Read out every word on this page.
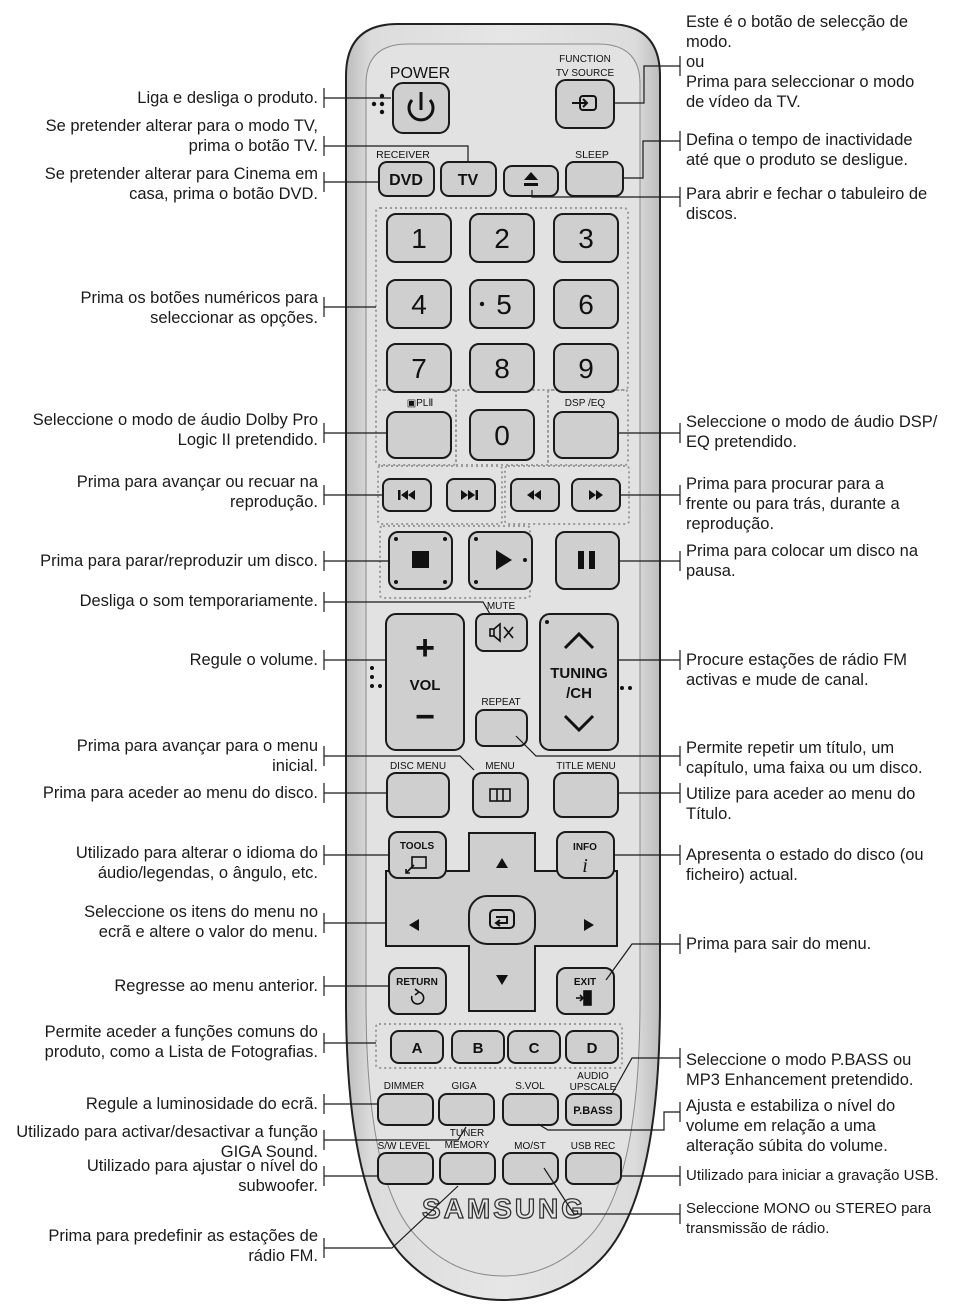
POWER
FUNCTION
TV SOURCE
RECEIVER
DVD TV
SLEEP
1 2 3
4 5 6
7 8 9
0
▣PLⅡ	DSP /EQ
MUTE
+
VOL
−
TUNING
/CH
REPEAT
DISC MENU	MENU	TITLE MENU
TOOLS	INFO
i
RETURN	EXIT
A	B	C	D
DIMMER	GIGA	S.VOL
AUDIO
UPSCALE
P.BASS
S/W LEVEL
TUNER
MEMORY MO/ST USB REC
SAMSUNG
Liga e desliga o produto.
Se pretender alterar para o modo TV,
prima o botão TV.
Se pretender alterar para Cinema em
casa, prima o botão DVD.
Prima os botões numéricos para
seleccionar as opções.
Seleccione o modo de áudio Dolby Pro
Logic II pretendido.
Prima para avançar ou recuar na
reprodução.
Prima para parar/reproduzir um disco.
Desliga o som temporariamente.
Regule o volume.
Prima para avançar para o menu
inicial.
Prima para aceder ao menu do disco.
Utilizado para alterar o idioma do
áudio/legendas, o ângulo, etc.
Seleccione os itens do menu no
ecrã e altere o valor do menu.
Regresse ao menu anterior.
Permite aceder a funções comuns do
produto, como a Lista de Fotografias.
Regule a luminosidade do ecrã.
Utilizado para activar/desactivar a função
GIGA Sound.
Utilizado para ajustar o nível do
subwoofer.
Prima para predefinir as estações de
rádio FM.
Este é o botão de selecção de
modo.
ou
Prima para seleccionar o modo
de vídeo da TV.
Defina o tempo de inactividade
até que o produto se desligue.
Para abrir e fechar o tabuleiro de
discos.
Seleccione o modo de áudio DSP/
EQ pretendido.
Prima para procurar para a
frente ou para trás, durante a
reprodução.
Prima para colocar um disco na
pausa.
Procure estações de rádio FM
activas e mude de canal.
Permite repetir um título, um
capítulo, uma faixa ou um disco.
Utilize para aceder ao menu do
Título.
Apresenta o estado do disco (ou
ficheiro) actual.
Prima para sair do menu.
Seleccione o modo P.BASS ou
MP3 Enhancement pretendido.
Ajusta e estabiliza o nível do
volume em relação a uma
alteração súbita do volume.
Utilizado para iniciar a gravação USB.
Seleccione MONO ou STEREO para
transmissão de rádio.
